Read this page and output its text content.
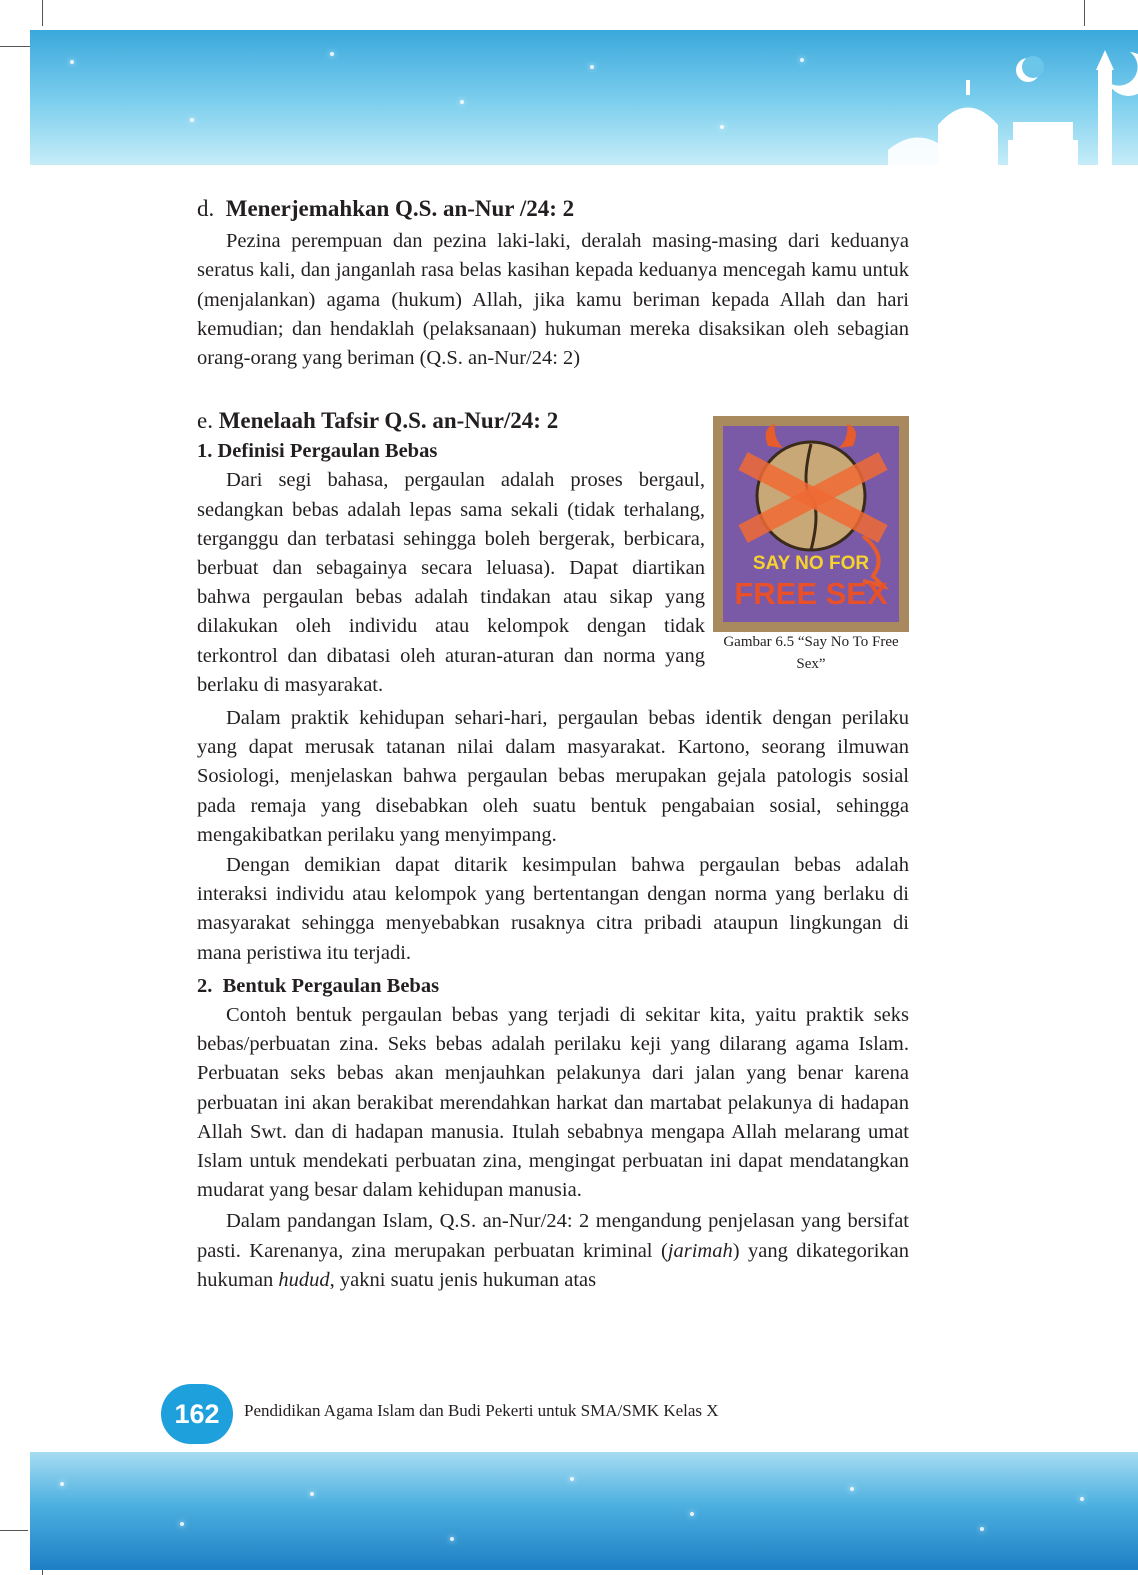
d. Menerjemahkan Q.S. an-Nur /24: 2

Pezina perempuan dan pezina laki-laki, deralah masing-masing dari keduanya seratus kali, dan janganlah rasa belas kasihan kepada keduanya mencegah kamu untuk (menjalankan) agama (hukum) Allah, jika kamu beriman kepada Allah dan hari kemudian; dan hendaklah (pelaksanaan) hukuman mereka disaksikan oleh sebagian orang-orang yang beriman (Q.S. an-Nur/24: 2)

e. Menelaah Tafsir Q.S. an-Nur/24: 2
1. Definisi Pergaulan Bebas

Dari segi bahasa, pergaulan adalah proses bergaul, sedangkan bebas adalah lepas sama sekali (tidak terhalang, terganggu dan terbatasi sehingga boleh bergerak, berbicara, berbuat dan sebagainya secara leluasa). Dapat diartikan bahwa pergaulan bebas adalah tindakan atau sikap yang dilakukan oleh individu atau kelompok dengan tidak terkontrol dan dibatasi oleh aturan-aturan dan norma yang berlaku di masyarakat.

SAY NO FOR
FREE SEX
Gambar 6.5 “Say No To Free Sex”

Dalam praktik kehidupan sehari-hari, pergaulan bebas identik dengan perilaku yang dapat merusak tatanan nilai dalam masyarakat. Kartono, seorang ilmuwan Sosiologi, menjelaskan bahwa pergaulan bebas merupakan gejala patologis sosial pada remaja yang disebabkan oleh suatu bentuk pengabaian sosial, sehingga mengakibatkan perilaku yang menyimpang.

Dengan demikian dapat ditarik kesimpulan bahwa pergaulan bebas adalah interaksi individu atau kelompok yang bertentangan dengan norma yang berlaku di masyarakat sehingga menyebabkan rusaknya citra pribadi ataupun lingkungan di mana peristiwa itu terjadi.

2. Bentuk Pergaulan Bebas

Contoh bentuk pergaulan bebas yang terjadi di sekitar kita, yaitu praktik seks bebas/perbuatan zina. Seks bebas adalah perilaku keji yang dilarang agama Islam. Perbuatan seks bebas akan menjauhkan pelakunya dari jalan yang benar karena perbuatan ini akan berakibat merendahkan harkat dan martabat pelakunya di hadapan Allah Swt. dan di hadapan manusia. Itulah sebabnya mengapa Allah melarang umat Islam untuk mendekati perbuatan zina, mengingat perbuatan ini dapat mendatangkan mudarat yang besar dalam kehidupan manusia.

Dalam pandangan Islam, Q.S. an-Nur/24: 2 mengandung penjelasan yang bersifat pasti. Karenanya, zina merupakan perbuatan kriminal (jarimah) yang dikategorikan hukuman hudud, yakni suatu jenis hukuman atas

162	Pendidikan Agama Islam dan Budi Pekerti untuk SMA/SMK Kelas X
